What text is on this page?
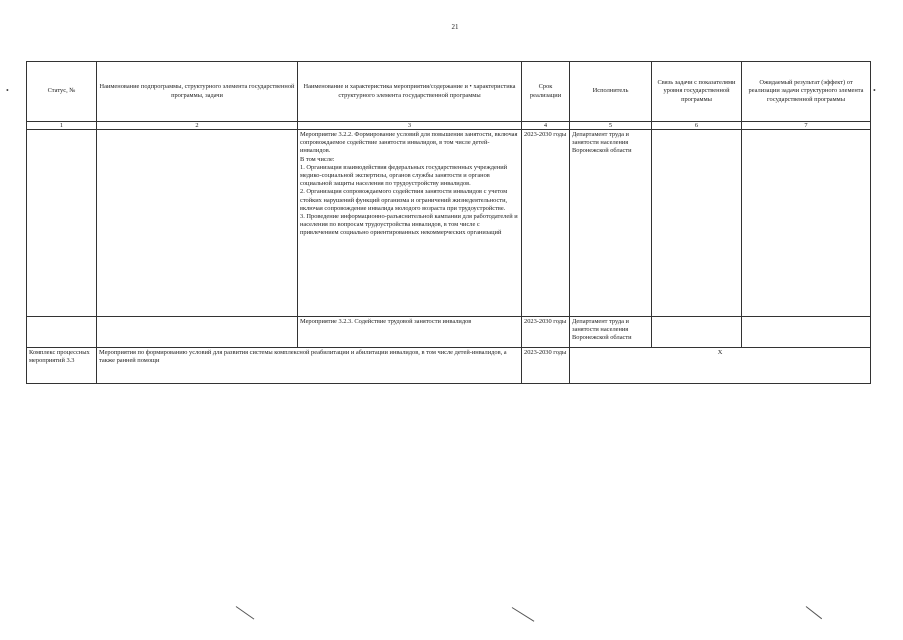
21
•	•
Статус, №	Наименование подпрограммы, структурного элемента государственной программы, задачи	Наименование и характеристика мероприятия/содержание и • характеристика структурного элемента государственной программы	Срок реализации	Исполнитель	Связь задачи с показателями уровня государственной программы	Ожидаемый результат (эффект) от реализации задачи структурного элемента государственной программы
1	2	3	4	5	6	7
		Мероприятие 3.2.2. Формирование условий для повышения занятости, включая сопровождаемое содействие занятости инвалидов, в том числе детей-инвалидов.
В том числе:
1. Организация взаимодействия федеральных государственных учреждений медико-социальной экспертизы, органов службы занятости и органов социальной защиты населения по трудоустройству инвалидов.
2. Организация сопровождаемого содействия занятости инвалидов с учетом стойких нарушений функций организма и ограничений жизнедеятельности, включая сопровождение инвалида молодого возраста при трудоустройстве.
3. Проведение информационно-разъяснительной кампании для работодателей и населения по вопросам трудоустройства инвалидов, в том числе с привлечением социально ориентированных некоммерческих организаций	2023-2030 годы	Департамент труда и занятости населения Воронежской области		
		Мероприятие 3.2.3. Содействие трудовой занятости инвалидов	2023-2030 годы	Департамент труда и занятости населения Воронежской области		
Комплекс процессных мероприятий 3.3	Мероприятия по формированию условий для развития системы комплексной реабилитации и абилитации инвалидов, в том числе детей-инвалидов, а также ранней помощи		2023-2030 годы	X		
